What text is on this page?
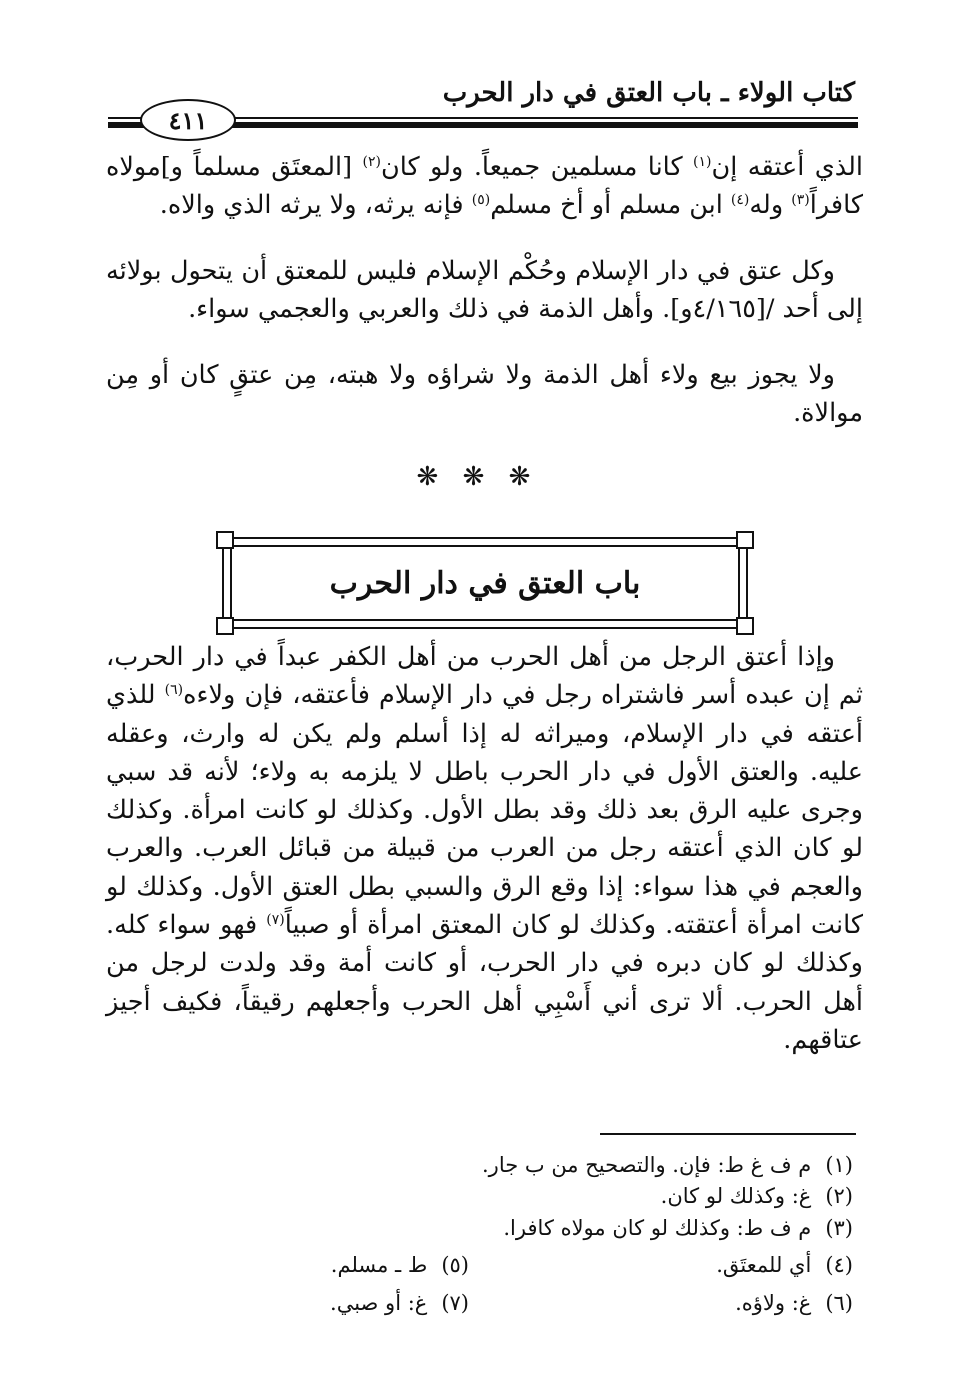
كتاب الولاء ـ باب العتق في دار الحرب
٤١١
الذي أعتقه إن$^{(١)}$ كانا مسلمين جميعاً. ولو كان$^{(٢)}$ [المعتَق مسلماً و]مولاه كافراً$^{(٣)}$ وله$^{(٤)}$ ابن مسلم أو أخ مسلم$^{(٥)}$ فإنه يرثه، ولا يرثه الذي والاه.
وكل عتق في دار الإسلام وحُكْم الإسلام فليس للمعتق أن يتحول بولائه إلى أحد /[٤/١٦٥و]. وأهل الذمة في ذلك والعربي والعجمي سواء.
ولا يجوز بيع ولاء أهل الذمة ولا شراؤه ولا هبته، مِن عتقٍ كان أو مِن موالاة.
❋ ❋ ❋
باب العتق في دار الحرب
وإذا أعتق الرجل من أهل الحرب من أهل الكفر عبداً في دار الحرب، ثم إن عبده أسر فاشتراه رجل في دار الإسلام فأعتقه، فإن ولاءه$^{(٦)}$ للذي أعتقه في دار الإسلام، وميراثه له إذا أسلم ولم يكن له وارث، وعقله عليه. والعتق الأول في دار الحرب باطل لا يلزمه به ولاء؛ لأنه قد سبي وجرى عليه الرق بعد ذلك وقد بطل الأول. وكذلك لو كانت امرأة. وكذلك لو كان الذي أعتقه رجل من العرب من قبيلة من قبائل العرب. والعرب والعجم في هذا سواء: إذا وقع الرق والسبي بطل العتق الأول. وكذلك لو كانت امرأة أعتقته. وكذلك لو كان المعتق امرأة أو صبياً$^{(٧)}$ فهو سواء كله. وكذلك لو كان دبره في دار الحرب، أو كانت أمة وقد ولدت لرجل من أهل الحرب. ألا ترى أني أَسْبِي أهل الحرب وأجعلهم رقيقاً، فكيف أجيز عتاقهم.
(١)م ف غ ط: فإن. والتصحيح من ب جار.
(٢)غ: وكذلك لو كان.
(٣)م ف ط: وكذلك لو كان مولاه كافرا.
(٤)أي للمعتَق.
(٥)ط ـ مسلم.
(٦)غ: ولاؤه.
(٧)غ: أو صبي.
